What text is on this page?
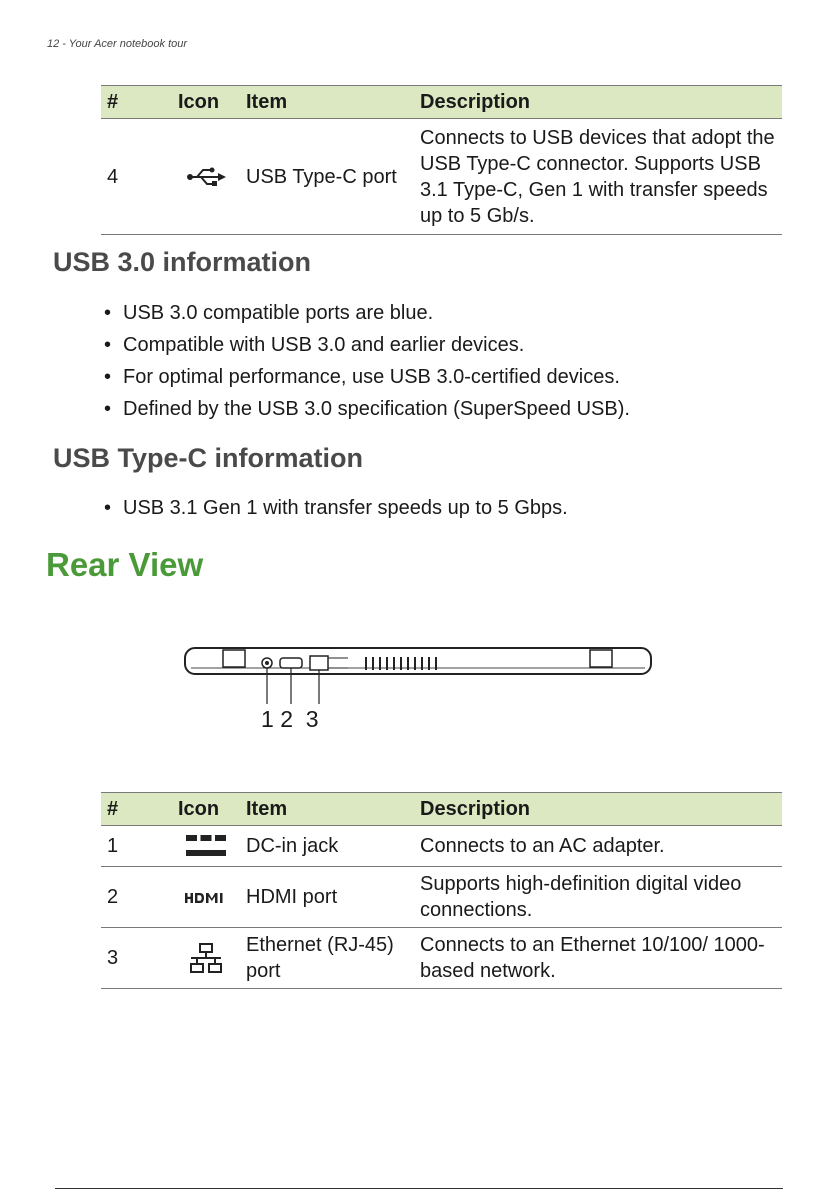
12 - Your Acer notebook tour
#	Icon	Item	Description
4		USB Type-C port	Connects to USB devices that adopt the USB Type-C connector. Supports USB 3.1 Type-C, Gen 1 with transfer speeds up to 5 Gb/s.
USB 3.0 information
• USB 3.0 compatible ports are blue.
• Compatible with USB 3.0 and earlier devices.
• For optimal performance, use USB 3.0-certified devices.
• Defined by the USB 3.0 specification (SuperSpeed USB).
USB Type-C information
• USB 3.1 Gen 1 with transfer speeds up to 5 Gbps.
Rear View
1 2 3
#	Icon	Item	Description
1		DC-in jack	Connects to an AC adapter.
2		HDMI port	Supports high-definition digital video connections.
3		Ethernet (RJ-45) port	Connects to an Ethernet 10/100/ 1000-based network.
